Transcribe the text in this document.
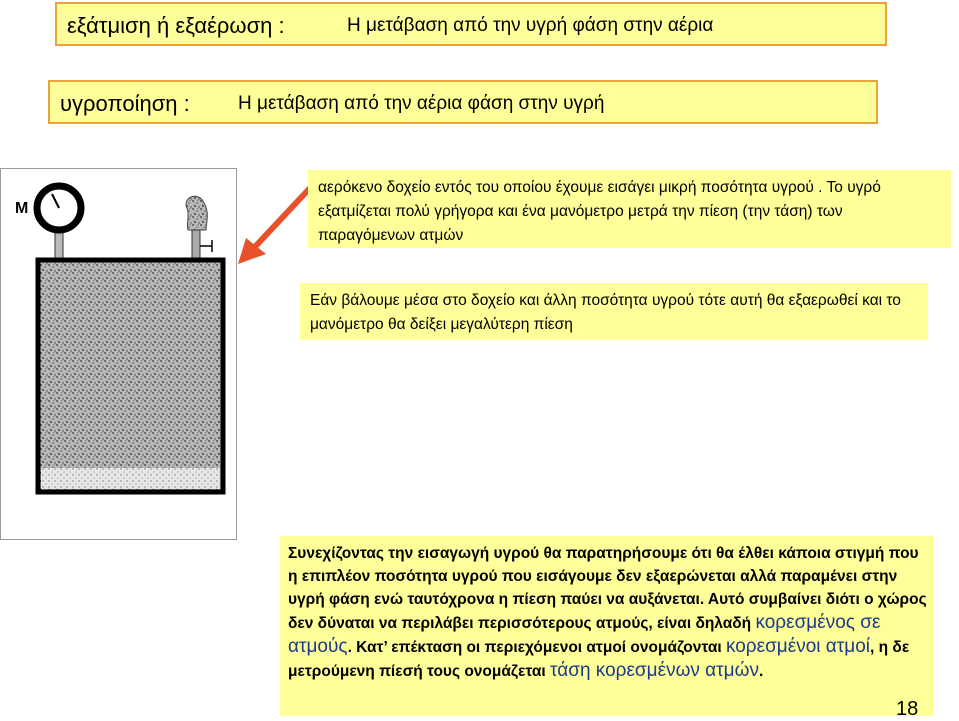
εξάτμιση ή εξαέρωση :	Η μετάβαση από την υγρή φάση στην αέρια
υγροποίηση :	Η μετάβαση από την αέρια φάση στην υγρή
M
αερόκενο δοχείο εντός του οποίου έχουμε εισάγει μικρή ποσότητα υγρού . Το υγρό εξατμίζεται πολύ γρήγορα και ένα μανόμετρο μετρά την πίεση (την τάση) των παραγόμενων ατμών
Εάν βάλουμε μέσα στο δοχείο και άλλη ποσότητα υγρού τότε αυτή θα εξαερωθεί και το μανόμετρο θα δείξει μεγαλύτερη πίεση
Συνεχίζοντας την εισαγωγή υγρού θα παρατηρήσουμε ότι θα έλθει κάποια στιγμή που η επιπλέον ποσότητα υγρού που εισάγουμε δεν εξαερώνεται αλλά παραμένει στην υγρή φάση ενώ ταυτόχρονα η πίεση παύει να αυξάνεται. Αυτό συμβαίνει διότι ο χώρος δεν δύναται να περιλάβει περισσότερους ατμούς, είναι δηλαδή κορεσμένος σε ατμούς. Κατ’ επέκταση οι περιεχόμενοι ατμοί ονομάζονται κορεσμένοι ατμοί, η δε μετρούμενη πίεσή τους ονομάζεται τάση κορεσμένων ατμών.
18
